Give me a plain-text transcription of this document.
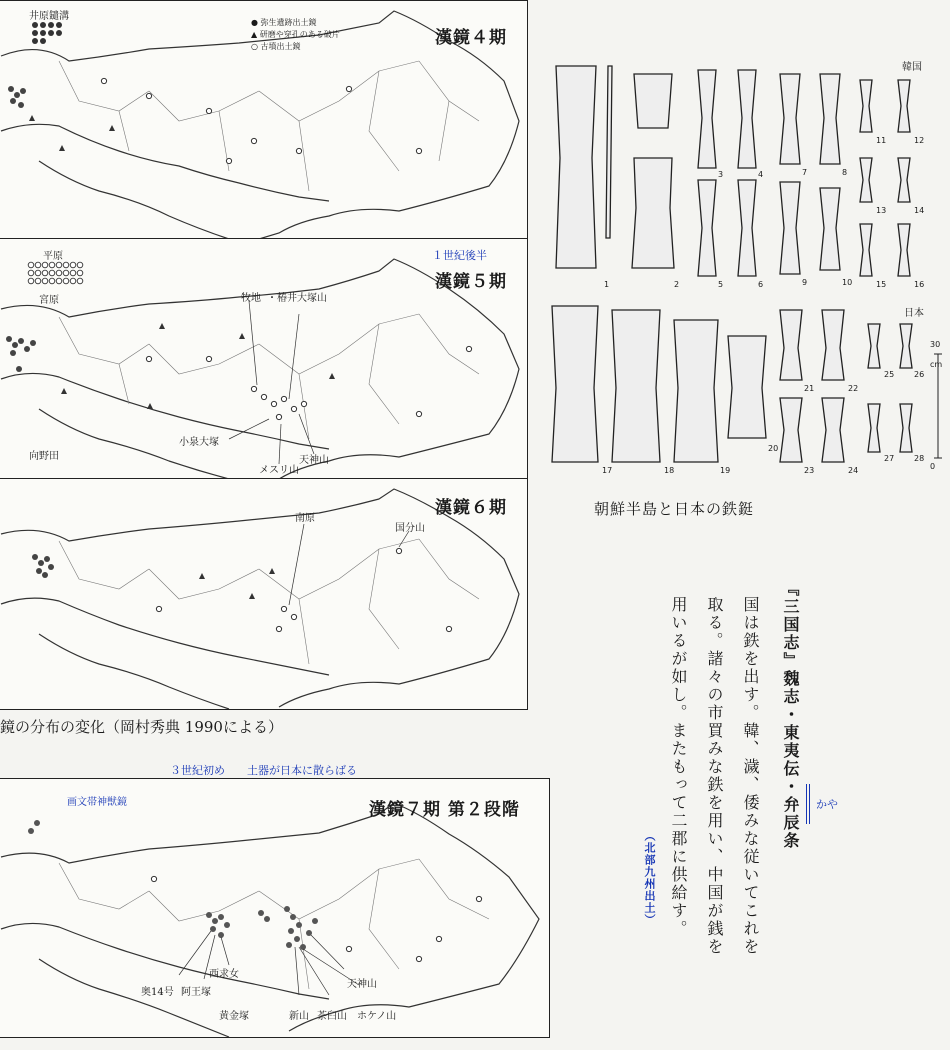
漢鏡４期
● 弥生遺跡出土鏡
▲ 研磨や穿孔のある破片
○ 古墳出土鏡
井原鑓溝
１世紀後半
漢鏡５期
平原
宮原	牧地 ・椿井大塚山
小泉大塚
向野田	天神山
メスリ山
漢鏡６期
南原
国分山
鏡の分布の変化（岡村秀典 1990による）
３世紀初め　　土器が日本に散らばる
画文帯神獣鏡	漢鏡７期 第２段階
奥14号 阿王塚
西求女
黄金塚	新山 茶臼山 ホケノ山
天神山
韓国
日本
30
cm
0
1	2
3	4
5	6
7	8
9	10
11	12
13	14
15	16
17	18	19
20
21	22
23	24
25 26
27 28
朝鮮半島と日本の鉄鋌
『三国志』魏志・東夷伝・弁辰条 かや
国は鉄を出す。韓、濊、倭みな従いてこれを
取る。諸々の市買みな鉄を用い、中国が銭を
用いるが如し。またもって二郡に供給す。
（北部九州出土）
